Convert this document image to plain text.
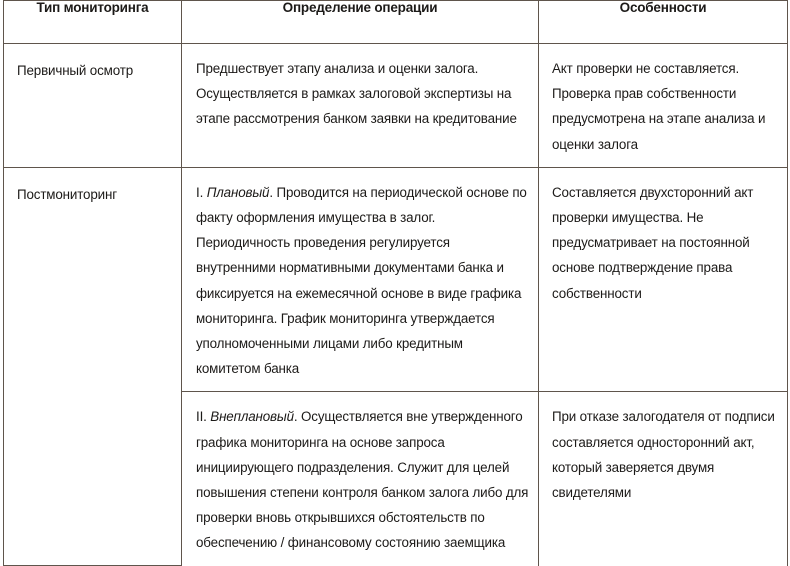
Тип мониторинга	Определение операции	Особенности

Первичный осмотр	Предшествует этапу анализа и оценки залога. Осуществляется в рамках залоговой экспертизы на этапе рассмотрения банком заявки на кредитование	Акт проверки не составляется. Проверка прав собственности предусмотрена на этапе анализа и оценки залога

Постмониторинг	I. Плановый. Проводится на периодической основе по факту оформления имущества в залог. Периодичность проведения регулируется внутренними нормативными документами банка и фиксируется на ежемесячной основе в виде графика мониторинга. График мониторинга утверждается уполномоченными лицами либо кредитным комитетом банка	Составляется двухсторонний акт проверки имущества. Не предусматривает на постоянной основе подтверждение права собственности

	II. Внеплановый. Осуществляется вне утвержденного графика мониторинга на основе запроса инициирующего подразделения. Служит для целей повышения степени контроля банком залога либо для проверки вновь открывшихся обстоятельств по обеспечению / финансовому состоянию заемщика	При отказе залогодателя от подписи составляется односторонний акт, который заверяется двумя свидетелями
